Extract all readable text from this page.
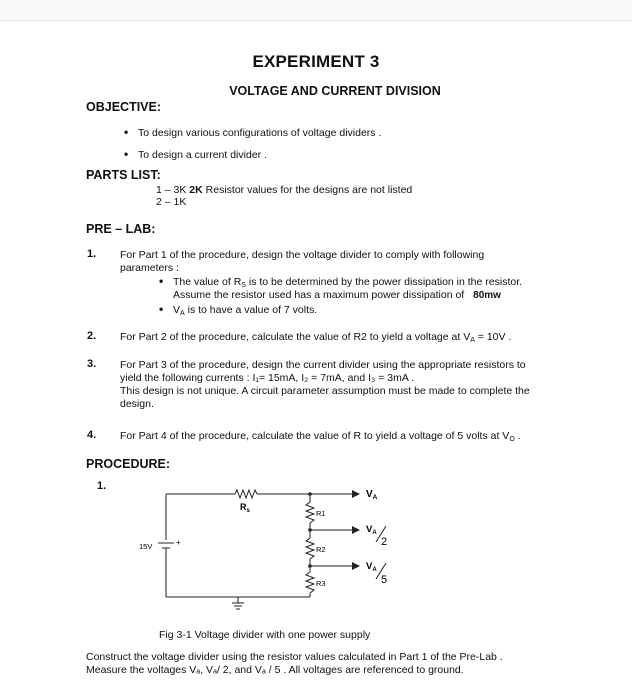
EXPERIMENT 3
VOLTAGE AND CURRENT DIVISION
OBJECTIVE:
• To design various configurations of voltage dividers .
• To design a current divider .
PARTS LIST:
1 – 3K 2K Resistor values for the designs are not listed
2 – 1K
PRE – LAB:
1. For Part 1 of the procedure, design the voltage divider to comply with following
parameters :
• The value of $R_S$ is to be determined by the power dissipation in the resistor.
Assume the resistor used has a maximum power dissipation of 80mw
• $V_A$ is to have a value of 7 volts.
2. For Part 2 of the procedure, calculate the value of R2 to yield a voltage at $V_A = 10V$ .
3. For Part 3 of the procedure, design the current divider using the appropriate resistors to
yield the following currents : I₁= 15mA, I₂ = 7mA, and I₃ = 3mA .
This design is not unique. A circuit parameter assumption must be made to complete the
design.
4. For Part 4 of the procedure, calculate the value of R to yield a voltage of 5 volts at $V_O$ .
PROCEDURE:
1.
15V	+
$R_s$	R1
R2
R3
$V_A$
$V_A$
2
$V_A$
5
Fig 3-1 Voltage divider with one power supply
Construct the voltage divider using the resistor values calculated in Part 1 of the Pre-Lab .
Measure the voltages Vₐ, Vₐ/ 2, and Vₐ / 5 . All voltages are referenced to ground.
